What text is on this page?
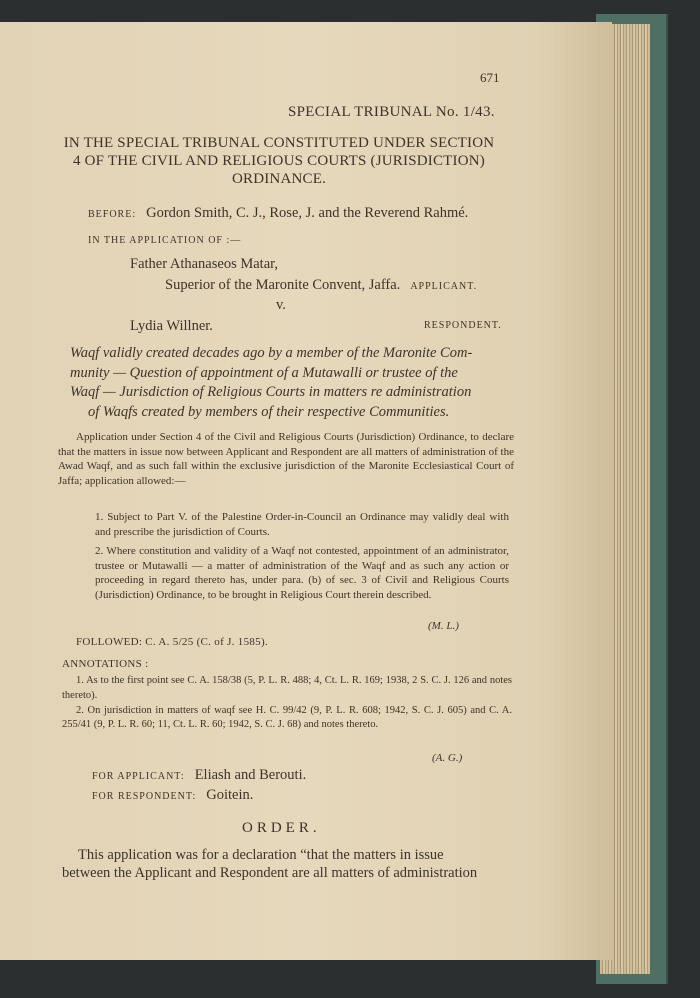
671
SPECIAL TRIBUNAL No. 1/43.
IN THE SPECIAL TRIBUNAL CONSTITUTED UNDER SECTION
4 OF THE CIVIL AND RELIGIOUS COURTS (JURISDICTION)
ORDINANCE.
BEFORE: Gordon Smith, C. J., Rose, J. and the Reverend Rahmé.
IN THE APPLICATION OF :—
Father Athanaseos Matar,
Superior of the Maronite Convent, Jaffa. APPLICANT.
v.
Lydia Willner.	RESPONDENT.
Waqf validly created decades ago by a member of the Maronite Com-
munity — Question of appointment of a Mutawalli or trustee of the
Waqf — Jurisdiction of Religious Courts in matters re administration
of Waqfs created by members of their respective Communities.
Application under Section 4 of the Civil and Religious Courts (Jurisdiction) Ordinance, to declare that the matters in issue now between Applicant and Respondent are all matters of administration of the Awad Waqf, and as such fall within the exclusive jurisdiction of the Maronite Ecclesiastical Court of Jaffa; application allowed:—

1. Subject to Part V. of the Palestine Order-in-Council an Ordinance may validly deal with and prescribe the jurisdiction of Courts.

2. Where constitution and validity of a Waqf not contested, appointment of an administrator, trustee or Mutawalli — a matter of administration of the Waqf and as such any action or proceeding in regard thereto has, under para. (b) of sec. 3 of Civil and Religious Courts (Jurisdiction) Ordinance, to be brought in Religious Court therein described.

(M. L.)
FOLLOWED: C. A. 5/25 (C. of J. 1585).
ANNOTATIONS :

1. As to the first point see C. A. 158/38 (5, P. L. R. 488; 4, Ct. L. R. 169; 1938, 2 S. C. J. 126 and notes thereto).

2. On jurisdiction in matters of waqf see H. C. 99/42 (9, P. L. R. 608; 1942, S. C. J. 605) and C. A. 255/41 (9, P. L. R. 60; 11, Ct. L. R. 60; 1942, S. C. J. 68) and notes thereto.

(A. G.)
FOR APPLICANT: Eliash and Berouti.
FOR RESPONDENT: Goitein.
ORDER.
This application was for a declaration “that the matters in issue
between the Applicant and Respondent are all matters of administration
